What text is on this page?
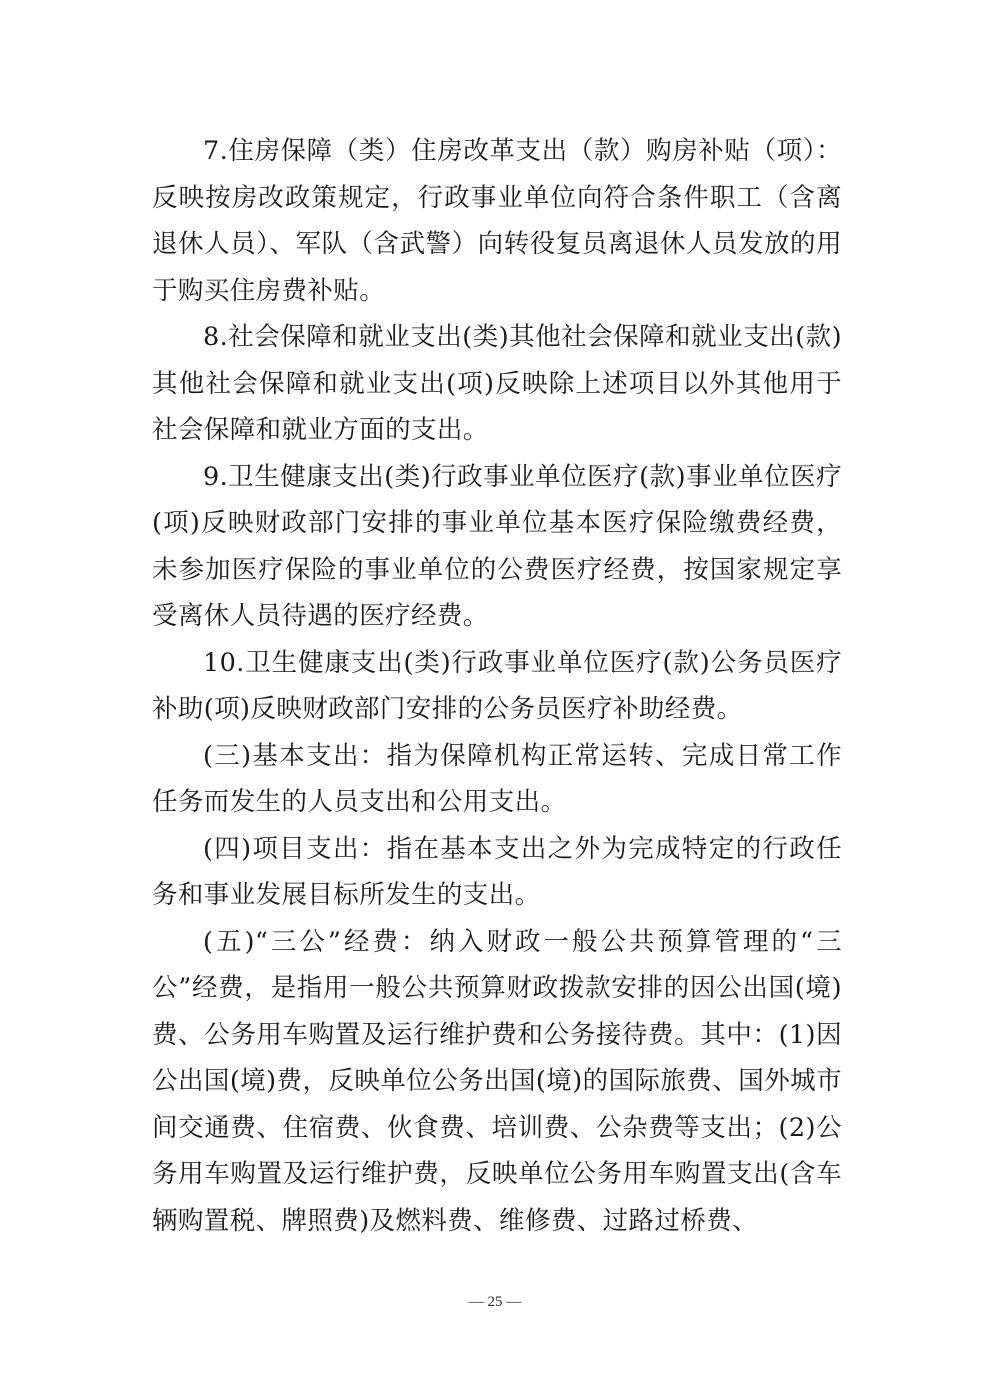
7.住房保障（类）住房改革支出（款）购房补贴（项）：反映按房改政策规定，行政事业单位向符合条件职工（含离退休人员）、军队（含武警）向转役复员离退休人员发放的用于购买住房费补贴。

8.社会保障和就业支出(类)其他社会保障和就业支出(款)其他社会保障和就业支出(项)反映除上述项目以外其他用于社会保障和就业方面的支出。

9.卫生健康支出(类)行政事业单位医疗(款)事业单位医疗(项)反映财政部门安排的事业单位基本医疗保险缴费经费，未参加医疗保险的事业单位的公费医疗经费，按国家规定享受离休人员待遇的医疗经费。

10.卫生健康支出(类)行政事业单位医疗(款)公务员医疗补助(项)反映财政部门安排的公务员医疗补助经费。

(三)基本支出：指为保障机构正常运转、完成日常工作任务而发生的人员支出和公用支出。

(四)项目支出：指在基本支出之外为完成特定的行政任务和事业发展目标所发生的支出。

(五)“三公”经费：纳入财政一般公共预算管理的“三公”经费，是指用一般公共预算财政拨款安排的因公出国(境)费、公务用车购置及运行维护费和公务接待费。其中：(1)因公出国(境)费，反映单位公务出国(境)的国际旅费、国外城市间交通费、住宿费、伙食费、培训费、公杂费等支出；(2)公务用车购置及运行维护费，反映单位公务用车购置支出(含车辆购置税、牌照费)及燃料费、维修费、过路过桥费、

— 25 —
